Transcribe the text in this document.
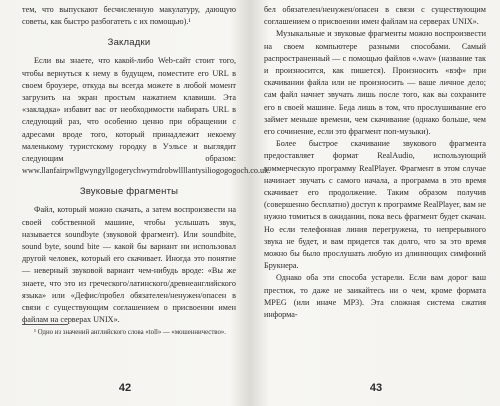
тем, что выпускают бесчисленную макулатуру, дающую советы, как быстро разбогатеть с их помощью).¹

Закладки

Если вы знаете, что какой-либо Web-сайт стоит того, чтобы вернуться к нему в будущем, поместите его URL в своем броузере, откуда вы всегда можете в любой момент загрузить на экран простым нажатием клавиши. Эта «закладка» избавит вас от необходимости набирать URL в следующий раз, что особенно ценно при обращении с адресами вроде того, который принадлежит некоему маленькому туристскому городку в Уэльсе и выглядит следующим образом: www.llanfairpwllgwyngyllgogerychwyrndrobwllllantysiliogogogoch.co.uk.

Звуковые фрагменты

Файл, который можно скачать, а затем воспроизвести на своей собственной машине, чтобы услышать звук, называется soundbyte (звуковой фрагмент). Или soundbite, sound byte, sound bite — какой бы вариант ни использовал другой человек, который его скачивает. Иногда это понятие — неверный звуковой вариант чем-нибудь вроде: «Вы же знаете, что это из греческого/латинского/древнеанглийского языка» или «Дефис/пробел обязателен/ненужен/опасен в связи с существующим соглашением о присвоении имен файлам на серверах UNIX».

¹ Одно из значений английского слова «toll» — «мошенничество».

42

бел обязателен/ненужен/опасен в связи с существующим соглашением о присвоении имен файлам на серверах UNIX».

Музыкальные и звуковые фрагменты можно воспроизвести на своем компьютере разными способами. Самый распространенный — с помощью файлов «.wav» (название так и произносится, как пишется). Произносить «вэф» при скачивании файла или не произносить — ваше личное дело; сам файл начнет звучать лишь после того, как вы сохраните его в своей машине. Беда лишь в том, что прослушивание его займет меньше времени, чем скачивание (однако больше, чем его сочинение, если это фрагмент поп-музыки).

Более быстрое скачивание звукового фрагмента предоставляет формат RealAudio, использующий коммерческую программу RealPlayer. Фрагмент в этом случае начинает звучать с самого начала, а программа в это время скачивает его продолжение. Таким образом получив (совершенно бесплатно) доступ к программе RealPlayer, вам не нужно томиться в ожидании, пока весь фрагмент будет скачан. Но если телефонная линия перегружена, то непрерывного звука не будет, и вам придется так долго, что за это время можно бы было прослушать любую из длиннющих симфоний Брукнера.

Однако оба эти способа устарели. Если вам дорог ваш престиж, то даже не заикайтесь ни о чем, кроме формата MPEG (или иначе MP3). Эта сложная система сжатия информа-

43
